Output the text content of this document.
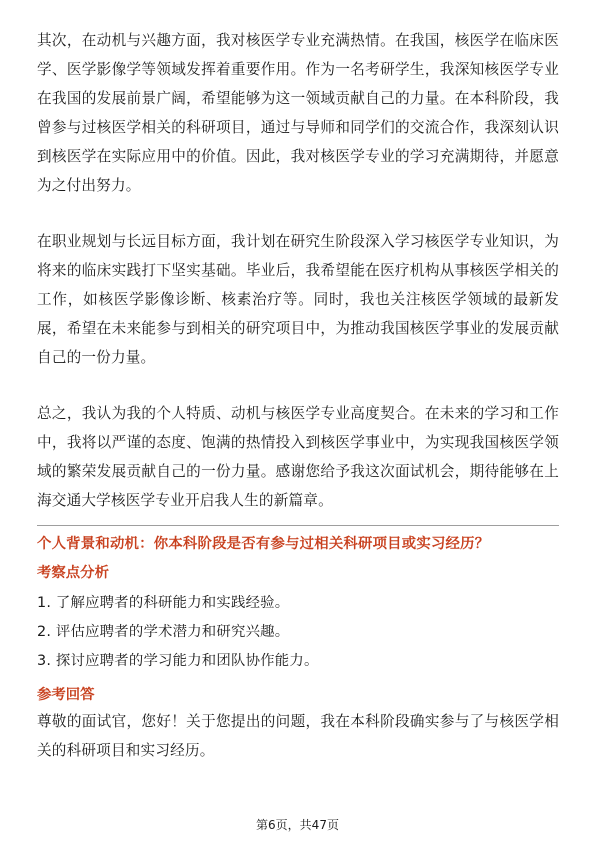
其次，在动机与兴趣方面，我对核医学专业充满热情。在我国，核医学在临床医学、医学影像学等领域发挥着重要作用。作为一名考研学生，我深知核医学专业在我国的发展前景广阔，希望能够为这一领域贡献自己的力量。在本科阶段，我曾参与过核医学相关的科研项目，通过与导师和同学们的交流合作，我深刻认识到核医学在实际应用中的价值。因此，我对核医学专业的学习充满期待，并愿意为之付出努力。

在职业规划与长远目标方面，我计划在研究生阶段深入学习核医学专业知识，为将来的临床实践打下坚实基础。毕业后，我希望能在医疗机构从事核医学相关的工作，如核医学影像诊断、核素治疗等。同时，我也关注核医学领域的最新发展，希望在未来能参与到相关的研究项目中，为推动我国核医学事业的发展贡献自己的一份力量。

总之，我认为我的个人特质、动机与核医学专业高度契合。在未来的学习和工作中，我将以严谨的态度、饱满的热情投入到核医学事业中，为实现我国核医学领域的繁荣发展贡献自己的一份力量。感谢您给予我这次面试机会，期待能够在上海交通大学核医学专业开启我人生的新篇章。

个人背景和动机：你本科阶段是否有参与过相关科研项目或实习经历？

考察点分析

1. 了解应聘者的科研能力和实践经验。
2. 评估应聘者的学术潜力和研究兴趣。
3. 探讨应聘者的学习能力和团队协作能力。

参考回答

尊敬的面试官，您好！关于您提出的问题，我在本科阶段确实参与了与核医学相关的科研项目和实习经历。

第6页，共47页
